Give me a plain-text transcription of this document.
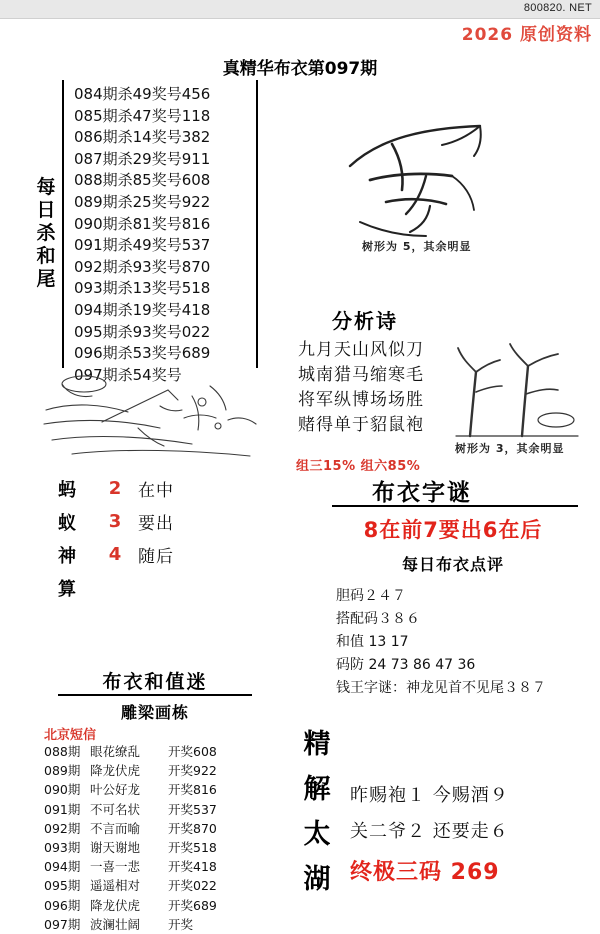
800820. NET
2026 原创资料
真精华布衣第097期
每
日
杀
和
尾
084期杀49奖号456
085期杀47奖号118
086期杀14奖号382
087期杀29奖号911
088期杀85奖号608
089期杀25奖号922
090期杀81奖号816
091期杀49奖号537
092期杀93奖号870
093期杀13奖号518
094期杀19奖号418
095期杀93奖号022
096期杀53奖号689
097期杀54奖号
树形为 5，其余明显
分析诗
九月天山风似刀
城南猎马缩寒毛
将军纵博场场胜
赌得单于貂鼠袍
树形为 3，其余明显
组三15% 组六85%
蚂	2 在中
蚁	3 要出
神	4 随后
算
布衣字谜
8在前7要出6在后
每日布衣点评
胆码２４７
搭配码３８６
和值 13 17
码防 24 73 86 47 36
钱王字谜：神龙见首不见尾３８７
布衣和值迷
雕梁画栋
北京短信
088期 眼花缭乱 开奖608
089期 降龙伏虎 开奖922
090期 叶公好龙 开奖816
091期 不可名状 开奖537
092期 不言而喻 开奖870
093期 谢天谢地 开奖518
094期 一喜一悲 开奖418
095期 遥遥相对 开奖022
096期 降龙伏虎 开奖689
097期 波澜壮阔 开奖
精
解
太
湖
昨赐袍１ 今赐酒９
关二爷２ 还要走６
终极三码 269
